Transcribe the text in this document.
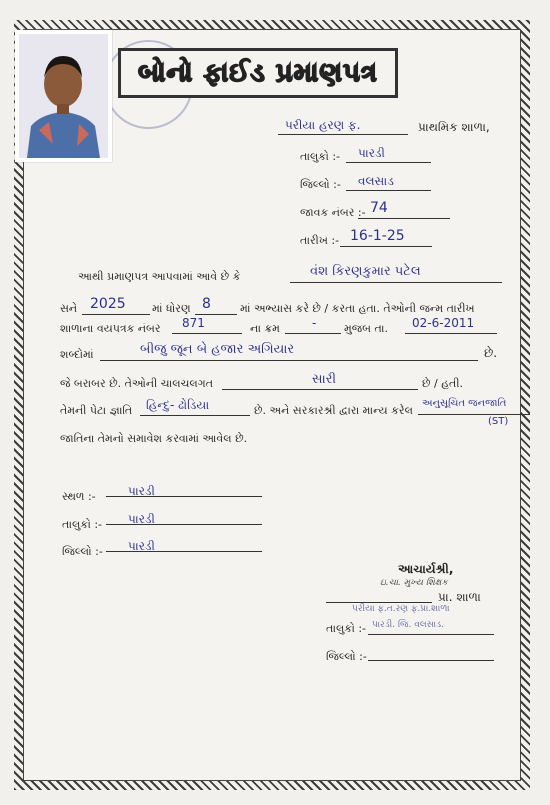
બોનો ફાઈડ પ્રમાણપત્ર
પરીયા હરણ ફ.	પ્રાથમિક શાળા,
તાલુકો :- પારડી
જિલ્લો :- વલસાડ
જાવક નંબર :- 74
તારીખ :- 16-1-25
આથી પ્રમાણપત્ર આપવામાં આવે છે કે	વંશ કિરણકુમાર પટેલ
સને 2025 માં ધોરણ 8	માં અભ્યાસ કરે છે / કરતા હતા. તેઓની જન્મ તારીખ
શાળાના વયપત્રક નંબર 871	ના ક્રમ	-	મુજબ તા. 02-6-2011
શબ્દોમાં	બીજુ જૂન બે હજાર અગિયાર	છે.
જે બરાબર છે. તેઓની ચાલચલગત	સારી	છે / હતી.
તેમની પેટા જ્ઞાતિ હિન્દુ- ઢોડિયા	છે. અને સરકારશ્રી દ્વારા માન્ય કરેલ
અનુસૂચિત જનજાતિ
(ST)
જાતિના તેમનો સમાવેશ કરવામાં આવેલ છે.
સ્થળ :-	પારડી
તાલુકો :- પારડી
જિલ્લો :- પારડી
આચાર્યશ્રી,
ઇ.ચા. મુખ્ય શિક્ષક
પ્રા. શાળા
પરીયા ફ.ત.રણ ફ.પ્રા.શાળા
તાલુકો :- પારડી. જિ. વલસાડ.
જિલ્લો :-
